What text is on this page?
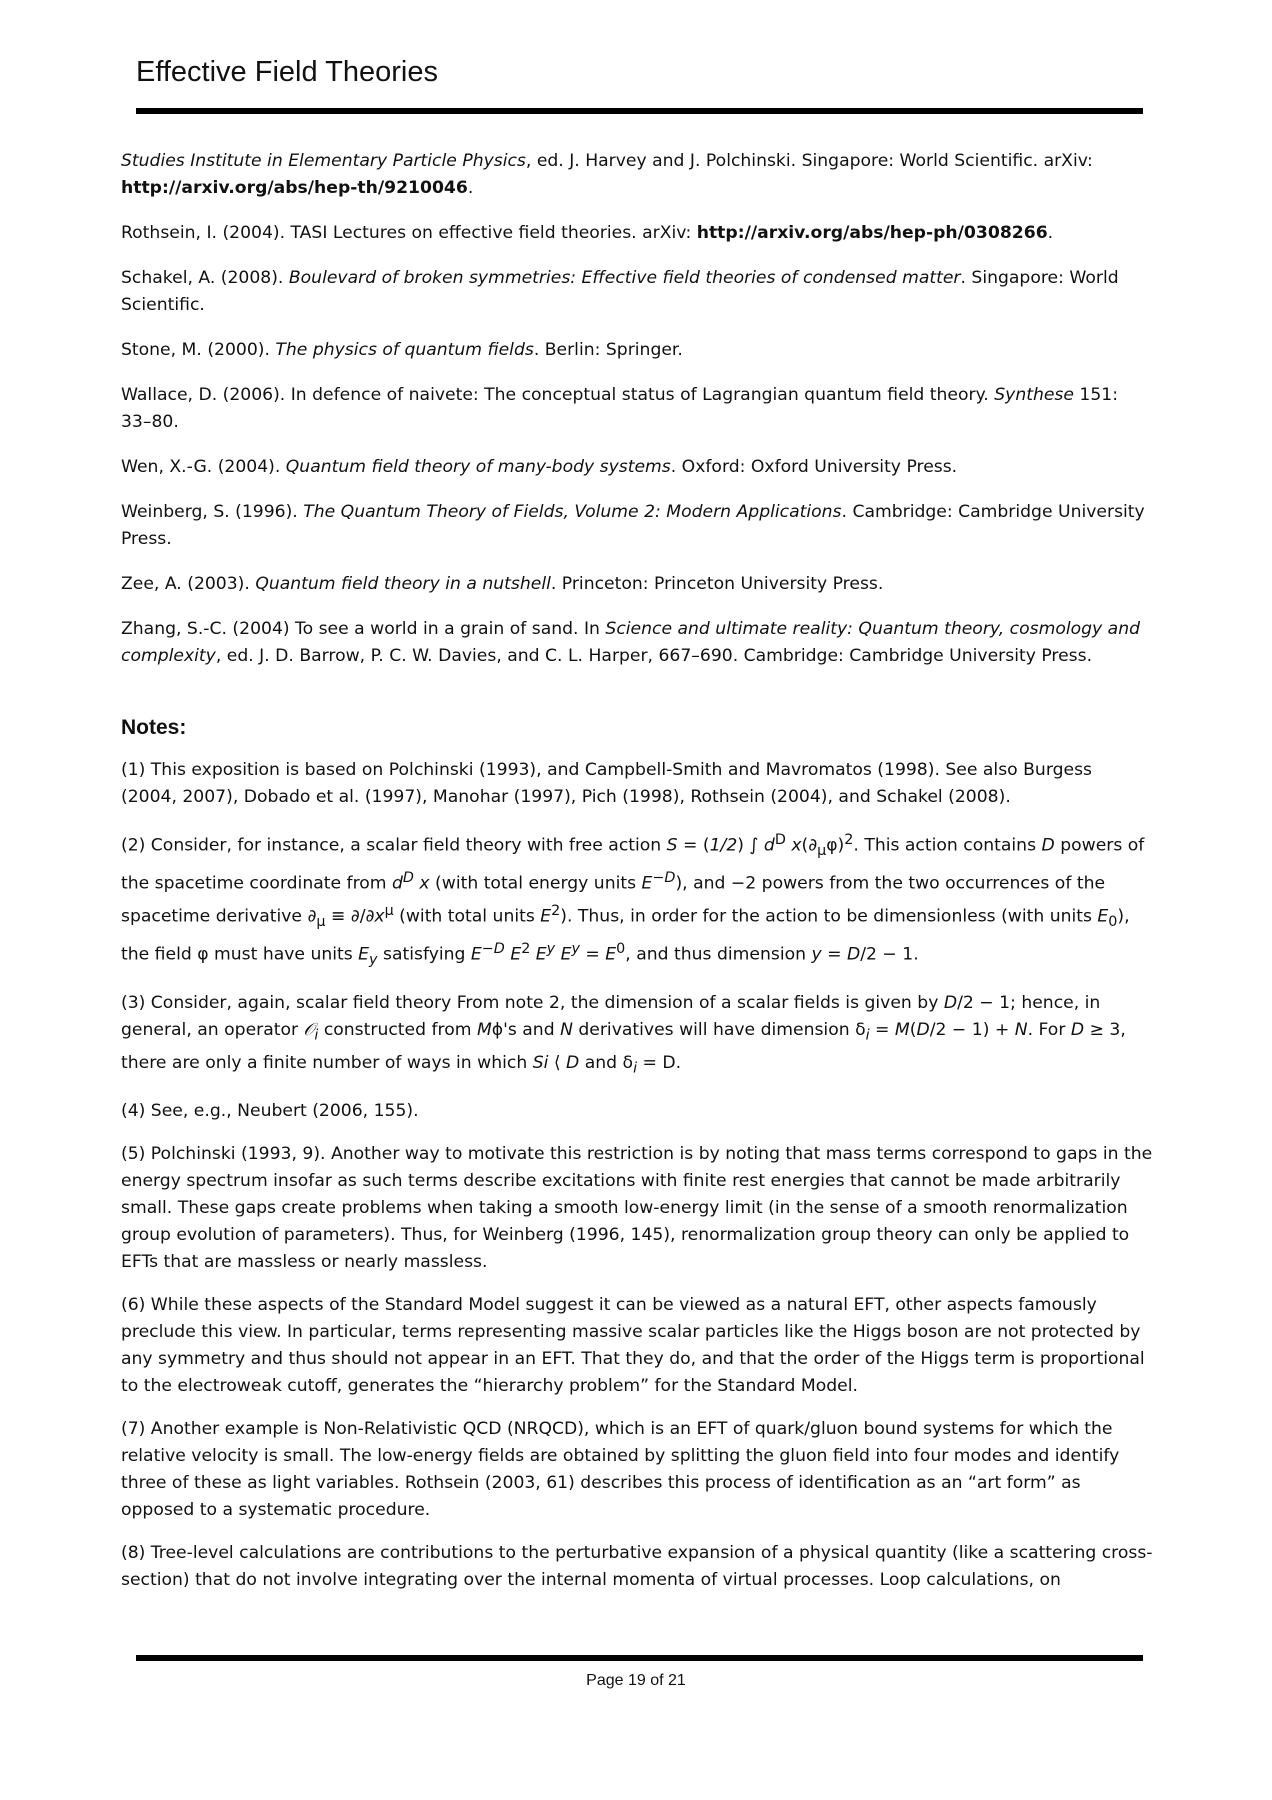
Effective Field Theories

Studies Institute in Elementary Particle Physics, ed. J. Harvey and J. Polchinski. Singapore: World Scientific. arXiv: http://arxiv.org/abs/hep-th/9210046.

Rothsein, I. (2004). TASI Lectures on effective field theories. arXiv: http://arxiv.org/abs/hep-ph/0308266.

Schakel, A. (2008). Boulevard of broken symmetries: Effective field theories of condensed matter. Singapore: World Scientific.

Stone, M. (2000). The physics of quantum fields. Berlin: Springer.

Wallace, D. (2006). In defence of naivete: The conceptual status of Lagrangian quantum field theory. Synthese 151: 33–80.

Wen, X.-G. (2004). Quantum field theory of many-body systems. Oxford: Oxford University Press.

Weinberg, S. (1996). The Quantum Theory of Fields, Volume 2: Modern Applications. Cambridge: Cambridge University Press.

Zee, A. (2003). Quantum field theory in a nutshell. Princeton: Princeton University Press.

Zhang, S.-C. (2004) To see a world in a grain of sand. In Science and ultimate reality: Quantum theory, cosmology and complexity, ed. J. D. Barrow, P. C. W. Davies, and C. L. Harper, 667–690. Cambridge: Cambridge University Press.

Notes:

(1) This exposition is based on Polchinski (1993), and Campbell-Smith and Mavromatos (1998). See also Burgess (2004, 2007), Dobado et al. (1997), Manohar (1997), Pich (1998), Rothsein (2004), and Schakel (2008).

(2) Consider, for instance, a scalar field theory with free action S = (1/2) ∫ $d^D$ $x(\partial_\mu\varphi)^2$. This action contains D powers of the spacetime coordinate from $d^D$ x (with total energy units $E^{-D}$), and −2 powers from the two occurrences of the spacetime derivative $\partial_\mu \equiv \partial/\partial x^\mu$ (with total units $E^2$). Thus, in order for the action to be dimensionless (with units $E_0$), the field φ must have units $E_y$ satisfying $E^{-D}$ $E^2$ $E^y$ $E^y = E^0$, and thus dimension y = D/2 − 1.

(3) Consider, again, scalar field theory From note 2, the dimension of a scalar fields is given by D/2 − 1; hence, in general, an operator 𝒪$_i$ constructed from Mϕ's and N derivatives will have dimension $\delta_i = M(D/2 - 1) + N$. For D ≥ 3, there are only a finite number of ways in which Si ⟨ D and $\delta_i = D$.

(4) See, e.g., Neubert (2006, 155).

(5) Polchinski (1993, 9). Another way to motivate this restriction is by noting that mass terms correspond to gaps in the energy spectrum insofar as such terms describe excitations with finite rest energies that cannot be made arbitrarily small. These gaps create problems when taking a smooth low-energy limit (in the sense of a smooth renormalization group evolution of parameters). Thus, for Weinberg (1996, 145), renormalization group theory can only be applied to EFTs that are massless or nearly massless.

(6) While these aspects of the Standard Model suggest it can be viewed as a natural EFT, other aspects famously preclude this view. In particular, terms representing massive scalar particles like the Higgs boson are not protected by any symmetry and thus should not appear in an EFT. That they do, and that the order of the Higgs term is proportional to the electroweak cutoff, generates the “hierarchy problem” for the Standard Model.

(7) Another example is Non-Relativistic QCD (NRQCD), which is an EFT of quark/gluon bound systems for which the relative velocity is small. The low-energy fields are obtained by splitting the gluon field into four modes and identify three of these as light variables. Rothsein (2003, 61) describes this process of identification as an “art form” as opposed to a systematic procedure.

(8) Tree-level calculations are contributions to the perturbative expansion of a physical quantity (like a scattering cross-section) that do not involve integrating over the internal momenta of virtual processes. Loop calculations, on

Page 19 of 21
